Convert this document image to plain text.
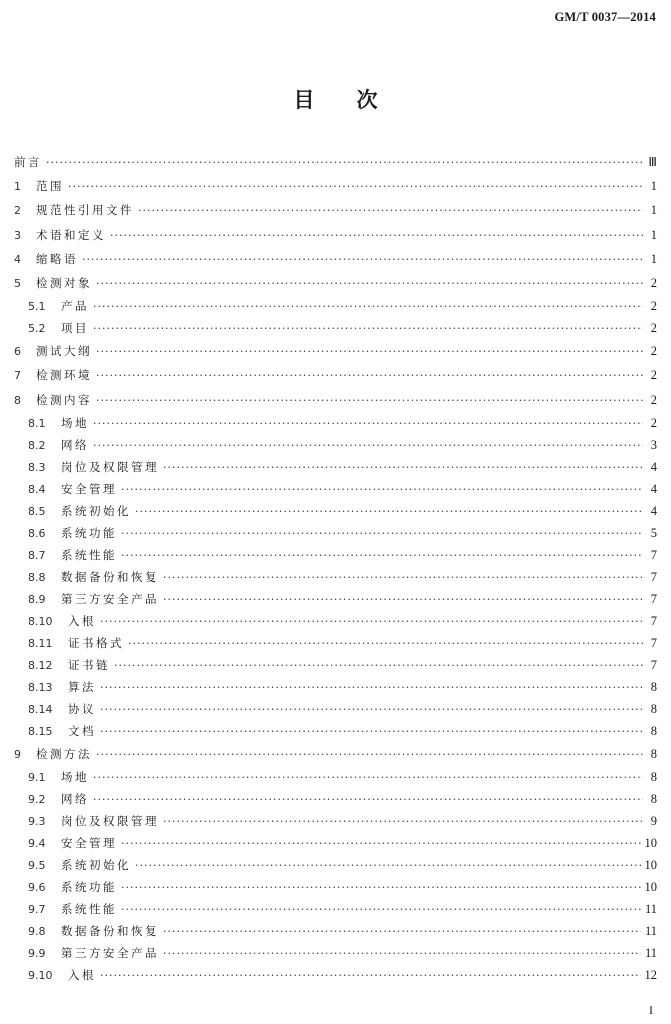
GM/T 0037—2014
目次
前言 ·····	Ⅲ
1	范围 ·····	1
2	规范性引用文件 ·····	1
3	术语和定义 ·····	1
4	缩略语 ·····	1
5	检测对象 ·····	2
5.1	产品 ·····	2
5.2	项目 ·····	2
6	测试大纲 ·····	2
7	检测环境 ·····	2
8	检测内容 ·····	2
8.1	场地 ·····	2
8.2	网络 ·····	3
8.3	岗位及权限管理 ·····	4
8.4	安全管理 ·····	4
8.5	系统初始化 ·····	4
8.6	系统功能 ·····	5
8.7	系统性能 ·····	7
8.8	数据备份和恢复 ·····	7
8.9	第三方安全产品 ·····	7
8.10	入根 ·····	7
8.11	证书格式 ·····	7
8.12	证书链 ·····	7
8.13	算法 ·····	8
8.14	协议 ·····	8
8.15	文档 ·····	8
9	检测方法 ·····	8
9.1	场地 ·····	8
9.2	网络 ·····	8
9.3	岗位及权限管理 ·····	9
9.4	安全管理 ·····	10
9.5	系统初始化 ·····	10
9.6	系统功能 ·····	10
9.7	系统性能 ·····	11
9.8	数据备份和恢复 ·····	11
9.9	第三方安全产品 ·····	11
9.10	入根 ·····	12
I
